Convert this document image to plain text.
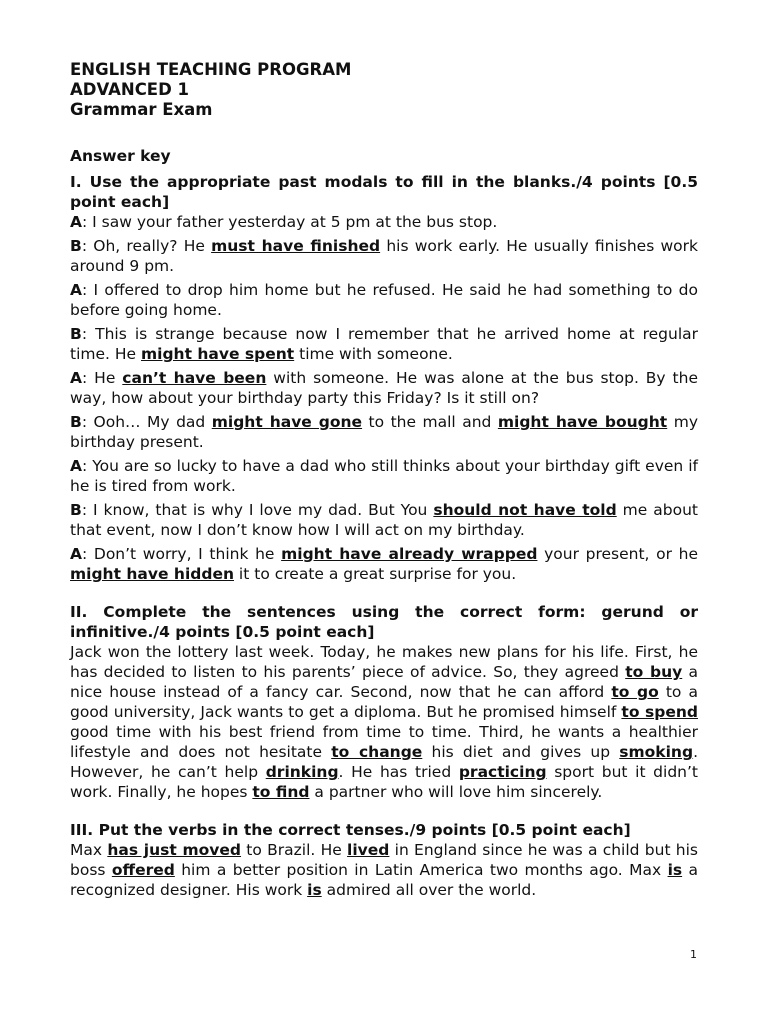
ENGLISH TEACHING PROGRAM

ADVANCED 1

Grammar Exam

Answer key

I. Use the appropriate past modals to fill in the blanks./4 points [0.5 point each]

A: I saw your father yesterday at 5 pm at the bus stop.

B: Oh, really? He must have finished his work early. He usually finishes work around 9 pm.

A: I offered to drop him home but he refused. He said he had something to do before going home.

B: This is strange because now I remember that he arrived home at regular time. He might have spent time with someone.

A: He can’t have been with someone. He was alone at the bus stop. By the way, how about your birthday party this Friday? Is it still on?

B: Ooh… My dad might have gone to the mall and might have bought my birthday present.

A: You are so lucky to have a dad who still thinks about your birthday gift even if he is tired from work.

B: I know, that is why I love my dad. But You should not have told me about that event, now I don’t know how I will act on my birthday.

A: Don’t worry, I think he might have already wrapped your present, or he might have hidden it to create a great surprise for you.

II. Complete the sentences using the correct form: gerund or infinitive./4 points [0.5 point each]

Jack won the lottery last week. Today, he makes new plans for his life. First, he has decided to listen to his parents’ piece of advice. So, they agreed to buy a nice house instead of a fancy car. Second, now that he can afford to go to a good university, Jack wants to get a diploma. But he promised himself to spend good time with his best friend from time to time. Third, he wants a healthier lifestyle and does not hesitate to change his diet and gives up smoking. However, he can’t help drinking. He has tried practicing sport but it didn’t work. Finally, he hopes to find a partner who will love him sincerely.

III. Put the verbs in the correct tenses./9 points [0.5 point each]

Max has just moved to Brazil. He lived in England since he was a child but his boss offered him a better position in Latin America two months ago. Max is a recognized designer. His work is admired all over the world.

1
